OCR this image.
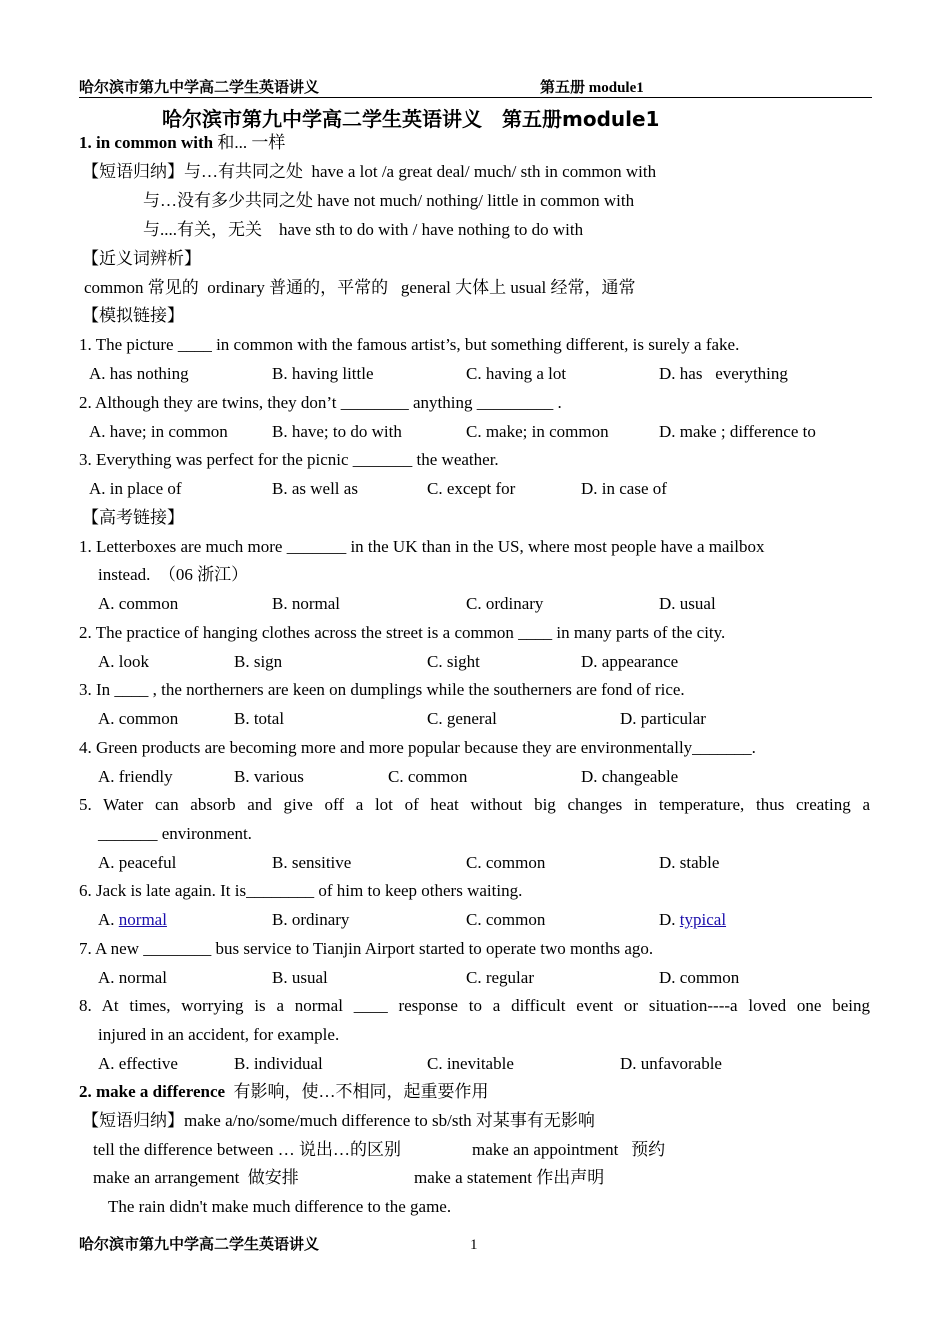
哈尔滨市第九中学高二学生英语讲义	第五册 module1
哈尔滨市第九中学高二学生英语讲义　第五册module1
1. in common with 和... 一样
【短语归纳】与…有共同之处  have a lot /a great deal/ much/ sth in common with
与…没有多少共同之处 have not much/ nothing/ little in common with
与....有关，无关    have sth to do with / have nothing to do with
【近义词辨析】
common 常见的  ordinary 普通的，平常的   general 大体上 usual 经常，通常
【模拟链接】
1. The picture ____ in common with the famous artist’s, but something different, is surely a fake.
A. has nothing	B. having little	C. having a lot	D. has   everything
2. Although they are twins, they don’t ________ anything _________ .
A. have; in common	B. have; to do with	C. make; in common	D. make ; difference to
3. Everything was perfect for the picnic _______ the weather.
A. in place of	B. as well as	C. except for	D. in case of
【高考链接】
1. Letterboxes are much more _______ in the UK than in the US, where most people have a mailbox
instead.  （06 浙江）
A. common	B. normal	C. ordinary	D. usual
2. The practice of hanging clothes across the street is a common ____ in many parts of the city.
A. look	B. sign	C. sight	D. appearance
3. In ____ , the northerners are keen on dumplings while the southerners are fond of rice.
A. common	B. total	C. general	D. particular
4. Green products are becoming more and more popular because they are environmentally_______.
A. friendly	B. various	C. common	D. changeable
5. Water can absorb and give off a lot of heat without big changes in temperature, thus creating a
_______ environment.
A. peaceful	B. sensitive	C. common	D. stable
6. Jack is late again. It is________ of him to keep others waiting.
A. normal	B. ordinary	C. common	D. typical
7. A new ________ bus service to Tianjin Airport started to operate two months ago.
A. normal	B. usual	C. regular	D. common
8. At times, worrying is a normal ____ response to a difficult event or situation----a loved one being
injured in an accident, for example.
A. effective	B. individual	C. inevitable	D. unfavorable
2. make a difference  有影响，使…不相同，起重要作用
【短语归纳】make a/no/some/much difference to sb/sth 对某事有无影响
tell the difference between … 说出…的区别	make an appointment   预约
make an arrangement  做安排	make a statement 作出声明
The rain didn't make much difference to the game.
哈尔滨市第九中学高二学生英语讲义	1
